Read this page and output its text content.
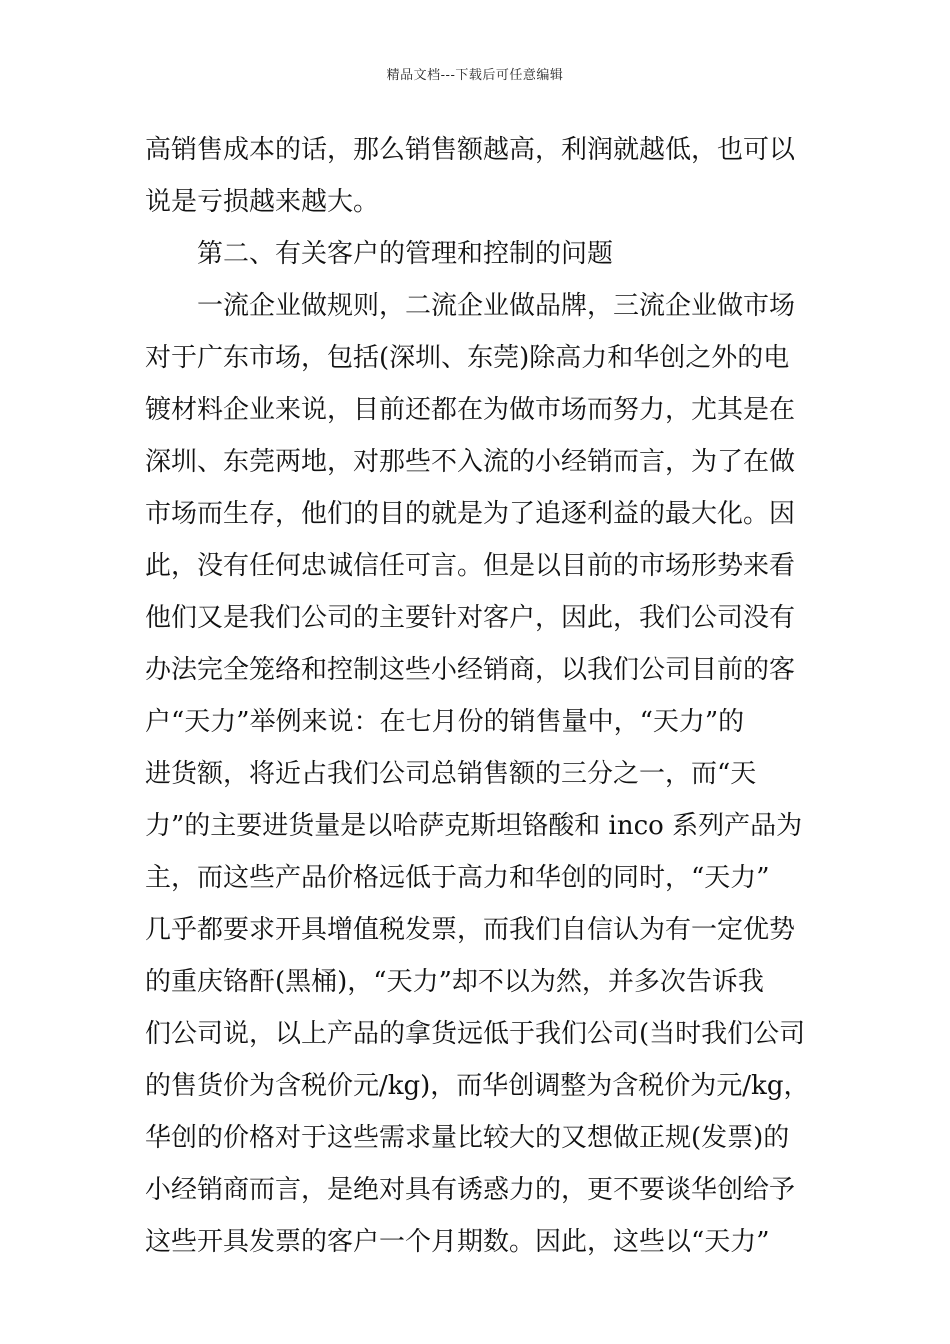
精品文档---下载后可任意编辑
高销售成本的话，那么销售额越高，利润就越低，也可以
说是亏损越来越大。
第二、有关客户的管理和控制的问题
一流企业做规则，二流企业做品牌，三流企业做市场
对于广东市场，包括(深圳、东莞)除高力和华创之外的电
镀材料企业来说，目前还都在为做市场而努力，尤其是在
深圳、东莞两地，对那些不入流的小经销而言，为了在做
市场而生存，他们的目的就是为了追逐利益的最大化。因
此，没有任何忠诚信任可言。但是以目前的市场形势来看
他们又是我们公司的主要针对客户，因此，我们公司没有
办法完全笼络和控制这些小经销商，以我们公司目前的客
户“天力”举例来说：在七月份的销售量中，“天力”的
进货额，将近占我们公司总销售额的三分之一，而“天
力”的主要进货量是以哈萨克斯坦铬酸和 inco 系列产品为
主，而这些产品价格远低于高力和华创的同时，“天力”
几乎都要求开具增值税发票，而我们自信认为有一定优势
的重庆铬酐(黑桶)，“天力”却不以为然，并多次告诉我
们公司说，以上产品的拿货远低于我们公司(当时我们公司
的售货价为含税价元/kg)，而华创调整为含税价为元/kg，
华创的价格对于这些需求量比较大的又想做正规(发票)的
小经销商而言，是绝对具有诱惑力的，更不要谈华创给予
这些开具发票的客户一个月期数。因此，这些以“天力”
